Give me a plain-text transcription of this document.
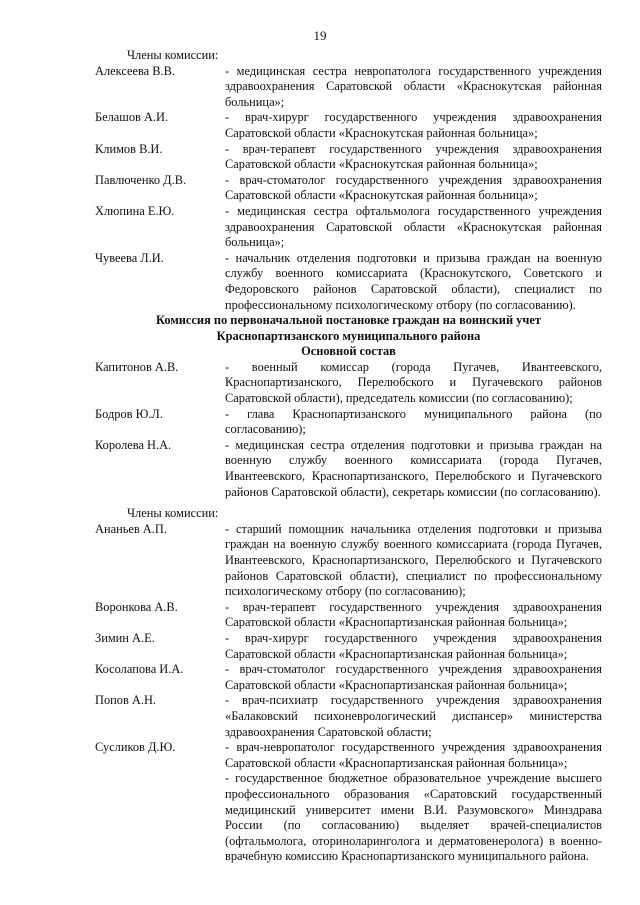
19
Члены комиссии:
Алексеева В.В.	- медицинская сестра невропатолога государственного учреждения здравоохранения Саратовской области «Краснокутская районная больница»;
Белашов А.И.	- врач-хирург государственного учреждения здравоохранения Саратовской области «Краснокутская районная больница»;
Климов В.И.	- врач-терапевт государственного учреждения здравоохранения Саратовской области «Краснокутская районная больница»;
Павлюченко Д.В.	- врач-стоматолог государственного учреждения здравоохранения Саратовской области «Краснокутская районная больница»;
Хлюпина Е.Ю.	- медицинская сестра офтальмолога государственного учреждения здравоохранения Саратовской области «Краснокутская районная больница»;
Чувеева Л.И.	- начальник отделения подготовки и призыва граждан на военную службу военного комиссариата (Краснокутского, Советского и Федоровского районов Саратовской области), специалист по профессиональному психологическому отбору (по согласованию).
Комиссия по первоначальной постановке граждан на воинский учет
Краснопартизанского муниципального района
Основной состав
Капитонов А.В.	- военный комиссар (города Пугачев, Ивантеевского, Краснопартизанского, Перелюбского и Пугачевского районов Саратовской области), председатель комиссии (по согласованию);
Бодров Ю.Л.	- глава Краснопартизанского муниципального района (по согласованию);
Королева Н.А.	- медицинская сестра отделения подготовки и призыва граждан на военную службу военного комиссариата (города Пугачев, Ивантеевского, Краснопартизанского, Перелюбского и Пугачевского районов Саратовской области), секретарь комиссии (по согласованию).
Члены комиссии:
Ананьев А.П.	- старший помощник начальника отделения подготовки и призыва граждан на военную службу военного комиссариата (города Пугачев, Ивантеевского, Краснопартизанского, Перелюбского и Пугачевского районов Саратовской области), специалист по профессиональному психологическому отбору (по согласованию);
Воронкова А.В.	- врач-терапевт государственного учреждения здравоохранения Саратовской области «Краснопартизанская районная больница»;
Зимин А.Е.	- врач-хирург государственного учреждения здравоохранения Саратовской области «Краснопартизанская районная больница»;
Косолапова И.А.	- врач-стоматолог государственного учреждения здравоохранения Саратовской области «Краснопартизанская районная больница»;
Попов А.Н.	- врач-психиатр государственного учреждения здравоохранения «Балаковский психоневрологический диспансер» министерства здравоохранения Саратовской области;
Сусликов Д.Ю.	- врач-невропатолог государственного учреждения здравоохранения Саратовской области «Краснопартизанская районная больница»;
- государственное бюджетное образовательное учреждение высшего профессионального образования «Саратовский государственный медицинский университет имени В.И. Разумовского» Минздрава России (по согласованию) выделяет врачей-специалистов (офтальмолога, оториноларинголога и дерматовенеролога) в военно-врачебную комиссию Краснопартизанского муниципального района.
